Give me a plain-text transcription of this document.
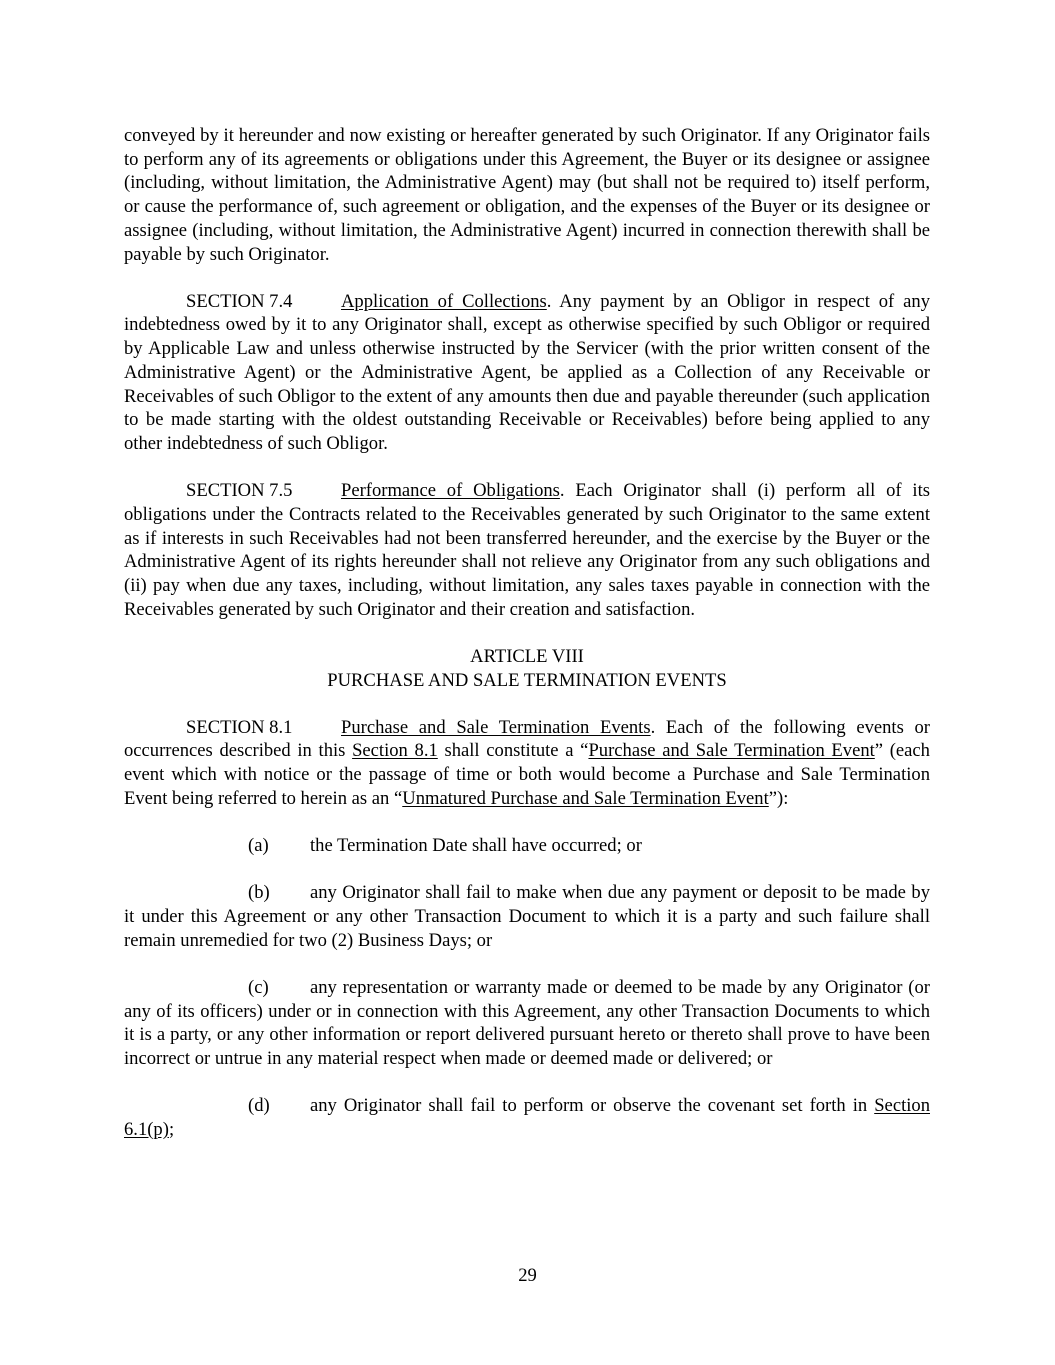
conveyed by it hereunder and now existing or hereafter generated by such Originator. If any Originator fails to perform any of its agreements or obligations under this Agreement, the Buyer or its designee or assignee (including, without limitation, the Administrative Agent) may (but shall not be required to) itself perform, or cause the performance of, such agreement or obligation, and the expenses of the Buyer or its designee or assignee (including, without limitation, the Administrative Agent) incurred in connection therewith shall be payable by such Originator.

SECTION 7.4	Application of Collections. Any payment by an Obligor in respect of any indebtedness owed by it to any Originator shall, except as otherwise specified by such Obligor or required by Applicable Law and unless otherwise instructed by the Servicer (with the prior written consent of the Administrative Agent) or the Administrative Agent, be applied as a Collection of any Receivable or Receivables of such Obligor to the extent of any amounts then due and payable thereunder (such application to be made starting with the oldest outstanding Receivable or Receivables) before being applied to any other indebtedness of such Obligor.

SECTION 7.5	Performance of Obligations. Each Originator shall (i) perform all of its obligations under the Contracts related to the Receivables generated by such Originator to the same extent as if interests in such Receivables had not been transferred hereunder, and the exercise by the Buyer or the Administrative Agent of its rights hereunder shall not relieve any Originator from any such obligations and (ii) pay when due any taxes, including, without limitation, any sales taxes payable in connection with the Receivables generated by such Originator and their creation and satisfaction.

ARTICLE VIII

PURCHASE AND SALE TERMINATION EVENTS

SECTION 8.1	Purchase and Sale Termination Events. Each of the following events or occurrences described in this Section 8.1 shall constitute a “Purchase and Sale Termination Event” (each event which with notice or the passage of time or both would become a Purchase and Sale Termination Event being referred to herein as an “Unmatured Purchase and Sale Termination Event”):

(a) the Termination Date shall have occurred; or

(b) any Originator shall fail to make when due any payment or deposit to be made by it under this Agreement or any other Transaction Document to which it is a party and such failure shall remain unremedied for two (2) Business Days; or

(c) any representation or warranty made or deemed to be made by any Originator (or any of its officers) under or in connection with this Agreement, any other Transaction Documents to which it is a party, or any other information or report delivered pursuant hereto or thereto shall prove to have been incorrect or untrue in any material respect when made or deemed made or delivered; or

(d) any Originator shall fail to perform or observe the covenant set forth in Section 6.1(p);

29
